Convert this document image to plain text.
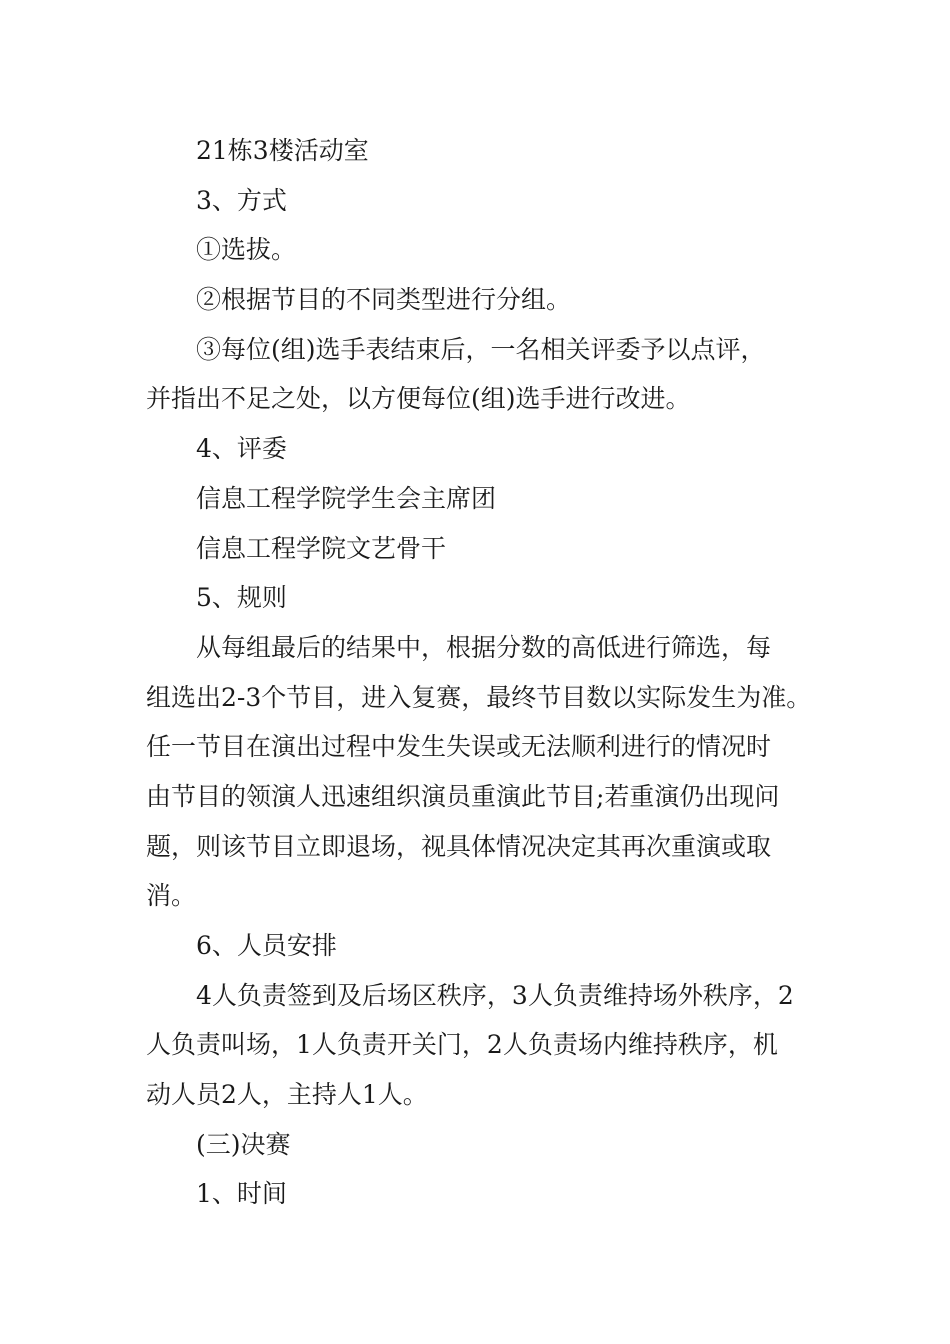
21栋3楼活动室
3、方式
①选拔。
②根据节目的不同类型进行分组。
③每位(组)选手表结束后，一名相关评委予以点评，
并指出不足之处，以方便每位(组)选手进行改进。
4、评委
信息工程学院学生会主席团
信息工程学院文艺骨干
5、规则
从每组最后的结果中，根据分数的高低进行筛选，每
组选出2-3个节目，进入复赛，最终节目数以实际发生为准。
任一节目在演出过程中发生失误或无法顺利进行的情况时
由节目的领演人迅速组织演员重演此节目;若重演仍出现问
题，则该节目立即退场，视具体情况决定其再次重演或取
消。
6、人员安排
4人负责签到及后场区秩序，3人负责维持场外秩序，2
人负责叫场，1人负责开关门，2人负责场内维持秩序，机
动人员2人，主持人1人。
(三)决赛
1、时间
